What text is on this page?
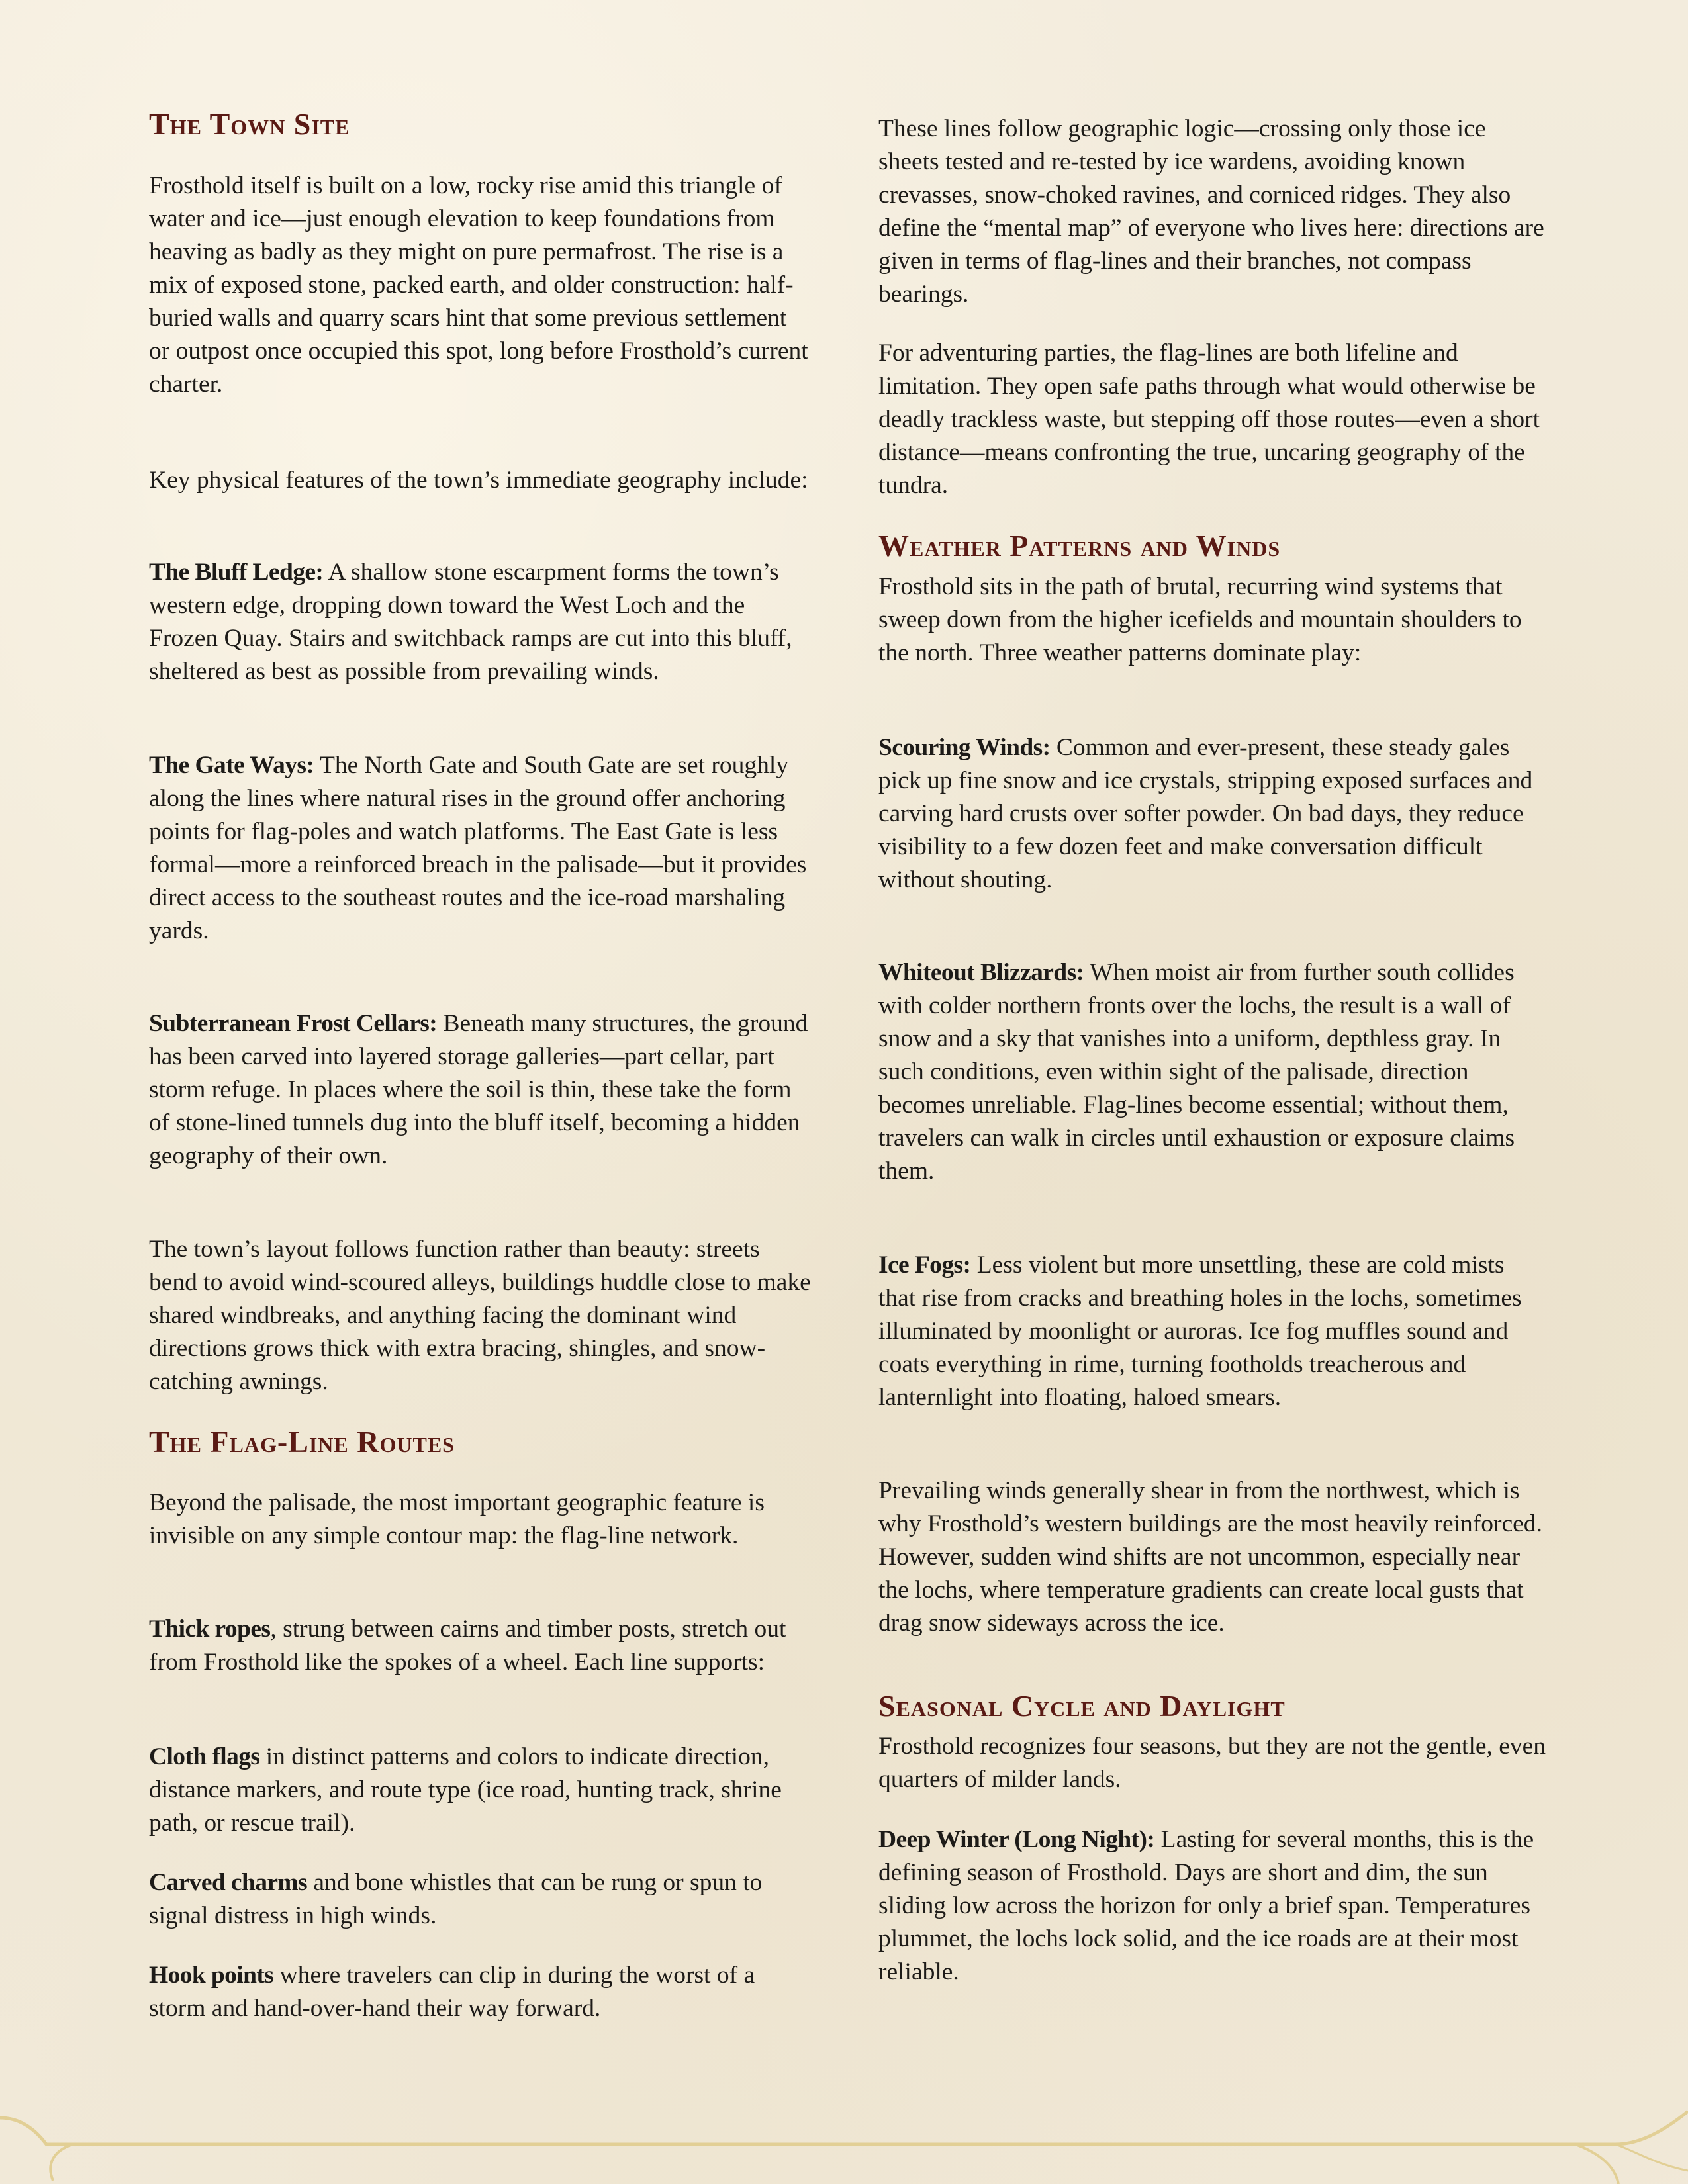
The Town Site

Frosthold itself is built on a low, rocky rise amid this triangle of water and ice—just enough elevation to keep foundations from heaving as badly as they might on pure permafrost. The rise is a mix of exposed stone, packed earth, and older construction: half-buried walls and quarry scars hint that some previous settlement or outpost once occupied this spot, long before Frosthold’s current charter.

Key physical features of the town’s immediate geography include:

The Bluff Ledge: A shallow stone escarpment forms the town’s western edge, dropping down toward the West Loch and the Frozen Quay. Stairs and switchback ramps are cut into this bluff, sheltered as best as possible from prevailing winds.

The Gate Ways: The North Gate and South Gate are set roughly along the lines where natural rises in the ground offer anchoring points for flag-poles and watch platforms. The East Gate is less formal—more a reinforced breach in the palisade—but it provides direct access to the southeast routes and the ice-road marshaling yards.

Subterranean Frost Cellars: Beneath many structures, the ground has been carved into layered storage galleries—part cellar, part storm refuge. In places where the soil is thin, these take the form of stone-lined tunnels dug into the bluff itself, becoming a hidden geography of their own.

The town’s layout follows function rather than beauty: streets bend to avoid wind-scoured alleys, buildings huddle close to make shared windbreaks, and anything facing the dominant wind directions grows thick with extra bracing, shingles, and snow-catching awnings.

The Flag-Line Routes

Beyond the palisade, the most important geographic feature is invisible on any simple contour map: the flag-line network.

Thick ropes, strung between cairns and timber posts, stretch out from Frosthold like the spokes of a wheel. Each line supports:

Cloth flags in distinct patterns and colors to indicate direction, distance markers, and route type (ice road, hunting track, shrine path, or rescue trail).

Carved charms and bone whistles that can be rung or spun to signal distress in high winds.

Hook points where travelers can clip in during the worst of a storm and hand-over-hand their way forward.

These lines follow geographic logic—crossing only those ice sheets tested and re-tested by ice wardens, avoiding known crevasses, snow-choked ravines, and corniced ridges. They also define the “mental map” of everyone who lives here: directions are given in terms of flag-lines and their branches, not compass bearings.

For adventuring parties, the flag-lines are both lifeline and limitation. They open safe paths through what would otherwise be deadly trackless waste, but stepping off those routes—even a short distance—means confronting the true, uncaring geography of the tundra.

Weather Patterns and Winds

Frosthold sits in the path of brutal, recurring wind systems that sweep down from the higher icefields and mountain shoulders to the north. Three weather patterns dominate play:

Scouring Winds: Common and ever-present, these steady gales pick up fine snow and ice crystals, stripping exposed surfaces and carving hard crusts over softer powder. On bad days, they reduce visibility to a few dozen feet and make conversation difficult without shouting.

Whiteout Blizzards: When moist air from further south collides with colder northern fronts over the lochs, the result is a wall of snow and a sky that vanishes into a uniform, depthless gray. In such conditions, even within sight of the palisade, direction becomes unreliable. Flag-lines become essential; without them, travelers can walk in circles until exhaustion or exposure claims them.

Ice Fogs: Less violent but more unsettling, these are cold mists that rise from cracks and breathing holes in the lochs, sometimes illuminated by moonlight or auroras. Ice fog muffles sound and coats everything in rime, turning footholds treacherous and lanternlight into floating, haloed smears.

Prevailing winds generally shear in from the northwest, which is why Frosthold’s western buildings are the most heavily reinforced. However, sudden wind shifts are not uncommon, especially near the lochs, where temperature gradients can create local gusts that drag snow sideways across the ice.

Seasonal Cycle and Daylight

Frosthold recognizes four seasons, but they are not the gentle, even quarters of milder lands.

Deep Winter (Long Night): Lasting for several months, this is the defining season of Frosthold. Days are short and dim, the sun sliding low across the horizon for only a brief span. Temperatures plummet, the lochs lock solid, and the ice roads are at their most reliable.
